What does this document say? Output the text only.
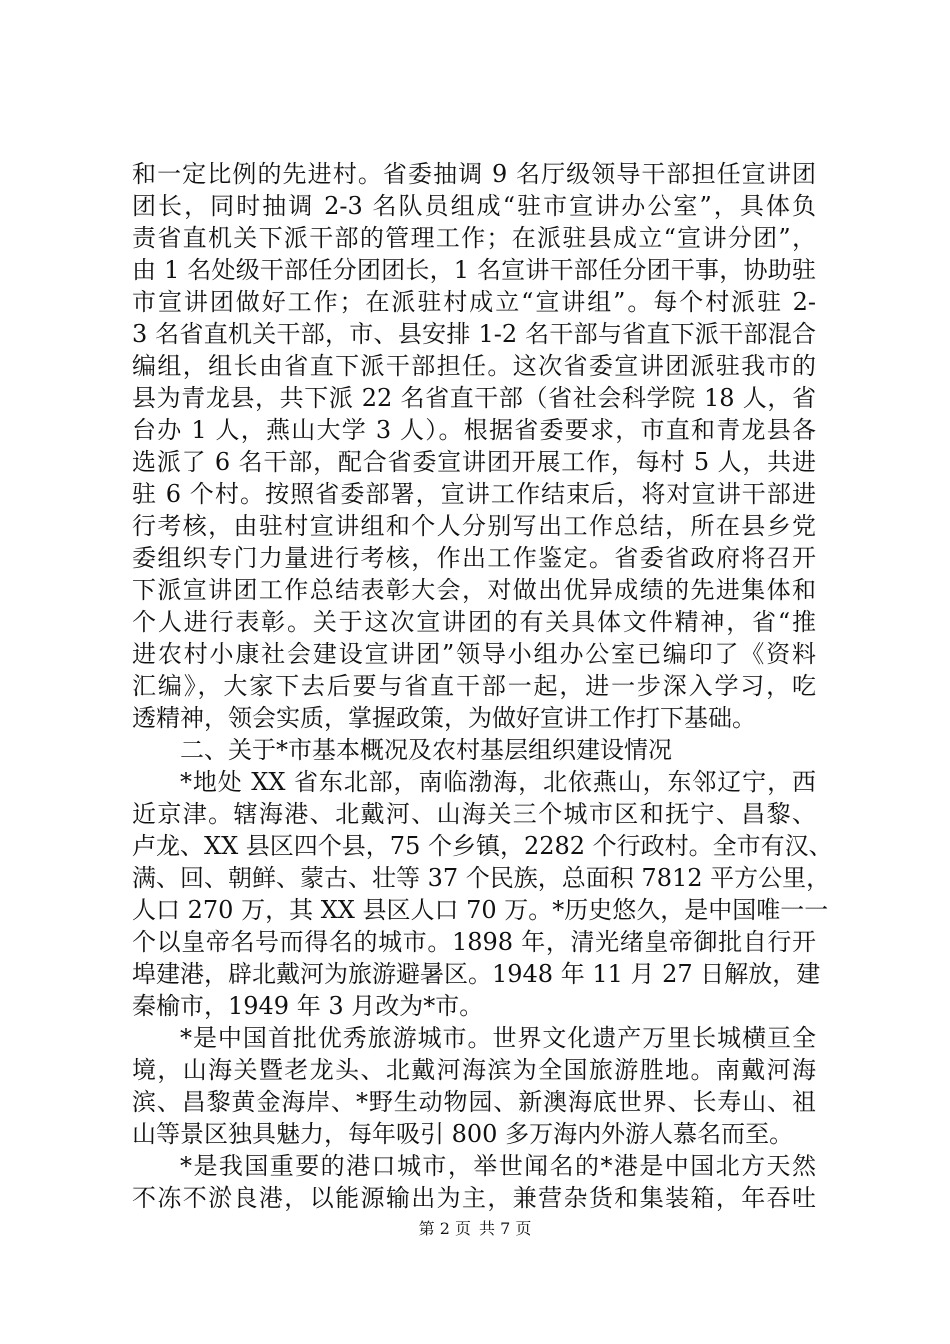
和一定比例的先进村。省委抽调 9 名厅级领导干部担任宣讲团
团长，同时抽调 2-3 名队员组成“驻市宣讲办公室”，具体负
责省直机关下派干部的管理工作；在派驻县成立“宣讲分团”，
由 1 名处级干部任分团团长，1 名宣讲干部任分团干事，协助驻
市宣讲团做好工作；在派驻村成立“宣讲组”。每个村派驻 2-
3 名省直机关干部，市、县安排 1-2 名干部与省直下派干部混合
编组，组长由省直下派干部担任。这次省委宣讲团派驻我市的
县为青龙县，共下派 22 名省直干部（省社会科学院 18 人，省
台办 1 人，燕山大学 3 人）。根据省委要求，市直和青龙县各
选派了 6 名干部，配合省委宣讲团开展工作，每村 5 人，共进
驻 6 个村。按照省委部署，宣讲工作结束后，将对宣讲干部进
行考核，由驻村宣讲组和个人分别写出工作总结，所在县乡党
委组织专门力量进行考核，作出工作鉴定。省委省政府将召开
下派宣讲团工作总结表彰大会，对做出优异成绩的先进集体和
个人进行表彰。关于这次宣讲团的有关具体文件精神，省“推
进农村小康社会建设宣讲团”领导小组办公室已编印了《资料
汇编》，大家下去后要与省直干部一起，进一步深入学习，吃
透精神，领会实质，掌握政策，为做好宣讲工作打下基础。
二、关于*市基本概况及农村基层组织建设情况
*地处 XX 省东北部，南临渤海，北依燕山，东邻辽宁，西
近京津。辖海港、北戴河、山海关三个城市区和抚宁、昌黎、
卢龙、XX 县区四个县，75 个乡镇，2282 个行政村。全市有汉、
满、回、朝鲜、蒙古、壮等 37 个民族，总面积 7812 平方公里，
人口 270 万，其 XX 县区人口 70 万。*历史悠久，是中国唯一一
个以皇帝名号而得名的城市。1898 年，清光绪皇帝御批自行开
埠建港，辟北戴河为旅游避暑区。1948 年 11 月 27 日解放，建
秦榆市，1949 年 3 月改为*市。
*是中国首批优秀旅游城市。世界文化遗产万里长城横亘全
境，山海关暨老龙头、北戴河海滨为全国旅游胜地。南戴河海
滨、昌黎黄金海岸、*野生动物园、新澳海底世界、长寿山、祖
山等景区独具魅力，每年吸引 800 多万海内外游人慕名而至。
*是我国重要的港口城市，举世闻名的*港是中国北方天然
不冻不淤良港，以能源输出为主，兼营杂货和集装箱，年吞吐
第 2 页 共 7 页
